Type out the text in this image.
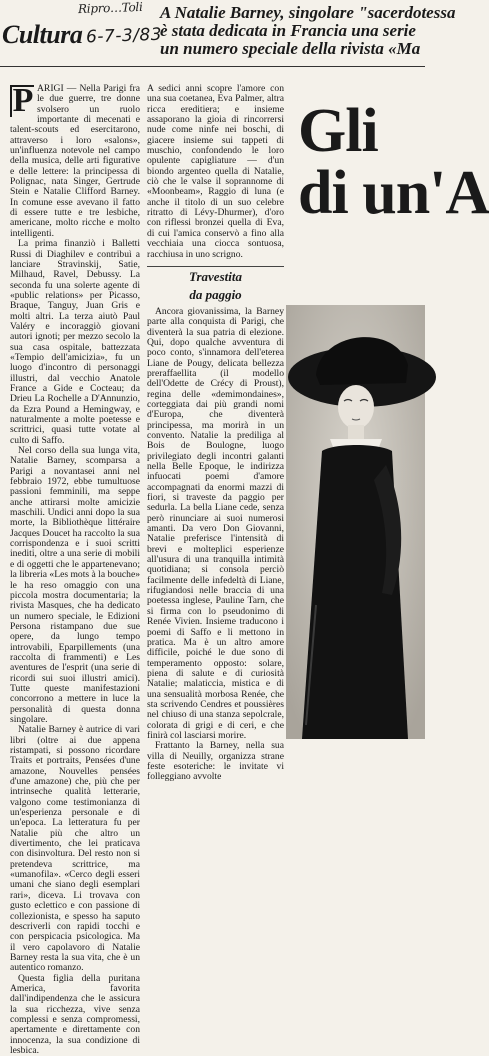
Ripro…Toli
Cultura 6-7-3/83
A Natalie Barney, singolare "sacerdotessa
è stata dedicata in Francia una serie
un numero speciale della rivista «Ma
P ARIGI — Nella Parigi fra le due guerre, tre donne svolsero un ruolo importante di mecenati e talent-scouts ed esercitarono, attraverso i loro «salons», un'influenza notevole nel campo della musica, delle arti figurative e delle lettere: la principessa di Polignac, nata Singer, Gertrude Stein e Natalie Clifford Barney. In comune esse avevano il fatto di essere tutte e tre lesbiche, americane, molto ricche e molto intelligenti.

La prima finanziò i Balletti Russi di Diaghilev e contribuì a lanciare Stravinskij, Satie, Milhaud, Ravel, Debussy. La seconda fu una solerte agente di «public relations» per Picasso, Braque, Tanguy, Juan Gris e molti altri. La terza aiutò Paul Valéry e incoraggiò giovani autori ignoti; per mezzo secolo la sua casa ospitale, battezzata «Tempio dell'amicizia», fu un luogo d'incontro di personaggi illustri, dal vecchio Anatole France a Gide e Cocteau; da Drieu La Rochelle a D'Annunzio, da Ezra Pound a Hemingway, e naturalmente a molte poetesse e scrittrici, quasi tutte votate al culto di Saffo.

Nel corso della sua lunga vita, Natalie Barney, scomparsa a Parigi a novantasei anni nel febbraio 1972, ebbe tumultuose passioni femminili, ma seppe anche attirarsi molte amicizie maschili. Undici anni dopo la sua morte, la Bibliothèque littéraire Jacques Doucet ha raccolto la sua corrispondenza e i suoi scritti inediti, oltre a una serie di mobili e di oggetti che le appartenevano; la libreria «Les mots à la bouche» le ha reso omaggio con una piccola mostra documentaria; la rivista Masques, che ha dedicato un numero speciale, le Edizioni Persona ristampano due sue opere, da lungo tempo introvabili, Eparpillements (una raccolta di frammenti) e Les aventures de l'esprit (una serie di ricordi sui suoi illustri amici). Tutte queste manifestazioni concorrono a mettere in luce la personalità di questa donna singolare.

Natalie Barney è autrice di vari libri (oltre ai due appena ristampati, si possono ricordare Traits et portraits, Pensées d'une amazone, Nouvelles pensées d'une amazone) che, più che per intrinseche qualità letterarie, valgono come testimonianza di un'esperienza personale e di un'epoca. La letteratura fu per Natalie più che altro un divertimento, che lei praticava con disinvoltura. Del resto non si pretendeva scrittrice, ma «umanofila». «Cerco degli esseri umani che siano degli esemplari rari», diceva. Li trovava con gusto eclettico e con passione di collezionista, e spesso ha saputo descriverli con rapidi tocchi e con perspicacia psicologica. Ma il vero capolavoro di Natalie Barney resta la sua vita, che è un autentico romanzo.

Questa figlia della puritana America, favorita dall'indipendenza che le assicura la sua ricchezza, vive senza complessi e senza compromessi, apertamente e direttamente con innocenza, la sua condizione di lesbica.

A sedici anni scopre l'amore con una sua coetanea, Eva Palmer, altra ricca ereditiera; e insieme assaporano la gioia di rincorrersi nude come ninfe nei boschi, di giacere insieme sui tappeti di muschio, confondendo le loro opulente capigliature — d'un biondo argenteo quella di Natalie, ciò che le valse il soprannome di «Moonbeam», Raggio di luna (e anche il titolo di un suo celebre ritratto di Lévy-Dhurmer), d'oro con riflessi bronzei quella di Eva, di cui l'amica conservò a fino alla vecchiaia una ciocca sontuosa, racchiusa in uno scrigno.

Travestita
da paggio

Ancora giovanissima, la Barney parte alla conquista di Parigi, che diventerà la sua patria di elezione. Qui, dopo qualche avventura di poco conto, s'innamora dell'eterea Liane de Pougy, delicata bellezza preraffaellita (il modello dell'Odette de Crécy di Proust), regina delle «demimondaines», corteggiata dai più grandi nomi d'Europa, che diventerà principessa, ma morirà in un convento. Natalie la prediliga al Bois de Boulogne, luogo privilegiato degli incontri galanti nella Belle Epoque, le indirizza infuocati poemi d'amore accompagnati da enormi mazzi di fiori, si traveste da paggio per sedurla. La bella Liane cede, senza però rinunciare ai suoi numerosi amanti. Da vero Don Giovanni, Natalie preferisce l'intensità di brevi e molteplici esperienze all'usura di una tranquilla intimità quotidiana; si consola perciò facilmente delle infedeltà di Liane, rifugiandosi nelle braccia di una poetessa inglese, Pauline Tarn, che si firma con lo pseudonimo di Renée Vivien. Insieme traducono i poemi di Saffo e li mettono in pratica. Ma è un altro amore difficile, poiché le due sono di temperamento opposto: solare, piena di salute e di curiosità Natalie; malaticcia, mistica e di una sensualità morbosa Renée, che sta scrivendo Cendres et poussières nel chiuso di una stanza sepolcrale, colorata di grigi e di ceri, e che finirà col lasciarsi morire.

Frattanto la Barney, nella sua villa di Neuilly, organizza strane feste esoteriche: le invitate vi folleggiano avvolte

Gli
di un'A
